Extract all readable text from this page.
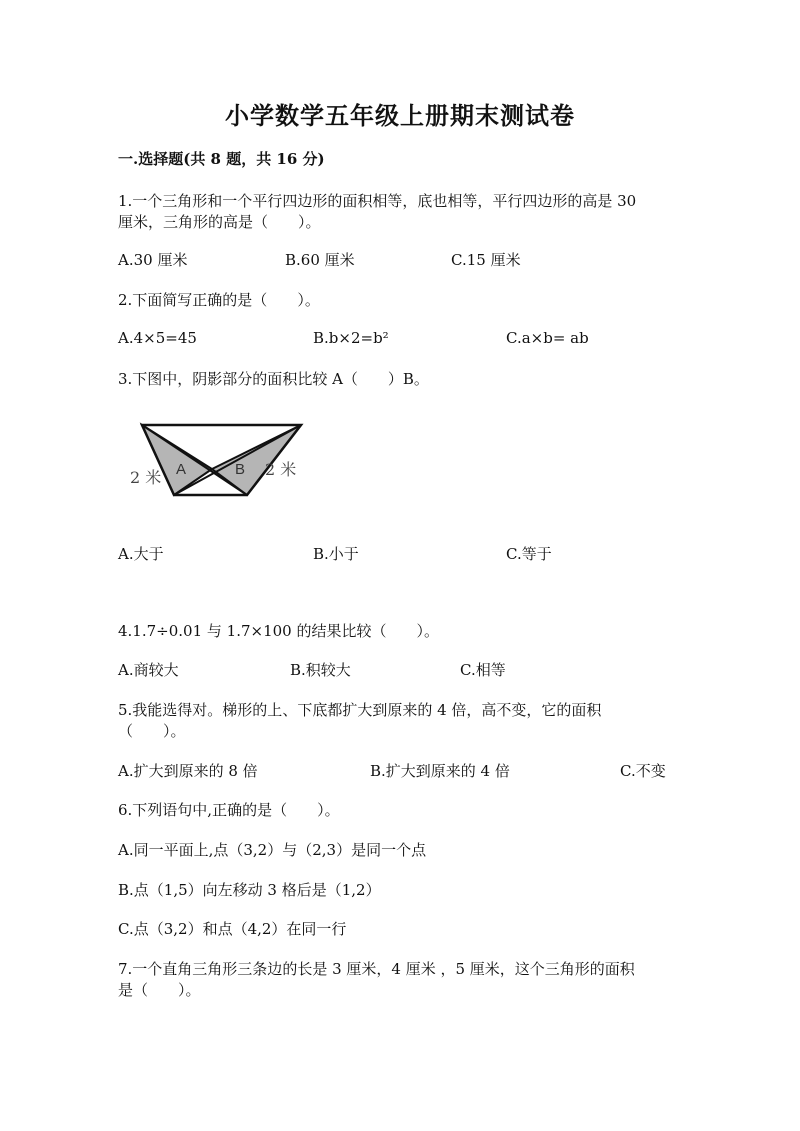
小学数学五年级上册期末测试卷
一.选择题(共 8 题，共 16 分)
1.一个三角形和一个平行四边形的面积相等，底也相等，平行四边形的高是 30
厘米，三角形的高是（　　）。
A.30 厘米	B.60 厘米	C.15 厘米
2.下面简写正确的是（　　）。
A.4×5=45	B.b×2=b²	C.a×b= ab
3.下图中，阴影部分的面积比较 A（　　）B。
A	B
2 米	2 米
A.大于	B.小于	C.等于
4.1.7÷0.01 与 1.7×100 的结果比较（　　）。
A.商较大	B.积较大	C.相等
5.我能选得对。梯形的上、下底都扩大到原来的 4 倍，高不变，它的面积
（　　）。
A.扩大到原来的 8 倍	B.扩大到原来的 4 倍	C.不变
6.下列语句中,正确的是（　　）。
A.同一平面上,点（3,2）与（2,3）是同一个点
B.点（1,5）向左移动 3 格后是（1,2）
C.点（3,2）和点（4,2）在同一行
7.一个直角三角形三条边的长是 3 厘米，4 厘米 ，5 厘米，这个三角形的面积
是（　　）。
